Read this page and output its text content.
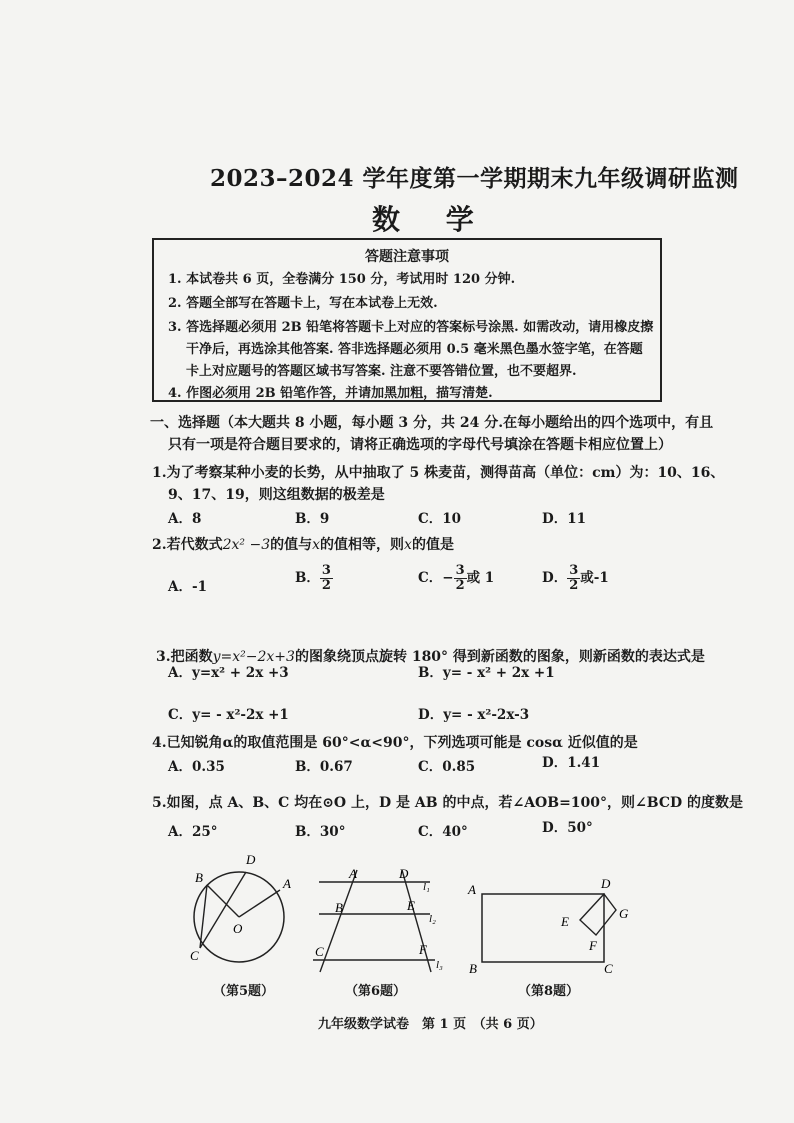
2023–2024 学年度第一学期期末九年级调研监测
数 学
答题注意事项
1. 本试卷共 6 页，全卷满分 150 分，考试用时 120 分钟.
2. 答题全部写在答题卡上，写在本试卷上无效.
3. 答选择题必须用 2B 铅笔将答题卡上对应的答案标号涂黑. 如需改动，请用橡皮擦
干净后，再选涂其他答案. 答非选择题必须用 0.5 毫米黑色墨水签字笔，在答题
卡上对应题号的答题区域书写答案. 注意不要答错位置，也不要超界.
4. 作图必须用 2B 铅笔作答，并请加黑加粗，描写清楚.
一、选择题（本大题共 8 小题，每小题 3 分，共 24 分.在每小题给出的四个选项中，有且
只有一项是符合题目要求的，请将正确选项的字母代号填涂在答题卡相应位置上）
1.为了考察某种小麦的长势，从中抽取了 5 株麦苗，测得苗高（单位：cm）为：10、16、
9、17、19，则这组数据的极差是
A．8	B．9	C．10	D．11
2.若代数式2x² −3的值与x的值相等，则x的值是
A．-1
B． $\frac{3}{2}$	C．− $\frac{3}{2}$ 或 1	D． $\frac{3}{2}$ 或-1
3.把函数y=x²−2x+3的图象绕顶点旋转 180° 得到新函数的图象，则新函数的表达式是
A．y=x² + 2x +3	B．y= - x² + 2x +1
C．y= - x²-2x +1	D．y= - x²-2x-3
4.已知锐角α的取值范围是 60°<α<90°，下列选项可能是 cosα 近似值的是
A．0.35	B．0.67	C．0.85	D．1.41
5.如图，点 A、B、C 均在⊙O 上，D 是 AB 的中点，若∠AOB=100°，则∠BCD 的度数是
A．25°	B．30°	C．40°	D．50°
D
B	A
O
C
（第5题）
A	D
l₁
B	E
l₂
C	F
l₃
（第6题）
A	D
E
G
F
B	C
（第8题）
九年级数学试卷　第 1 页　（共 6 页）
